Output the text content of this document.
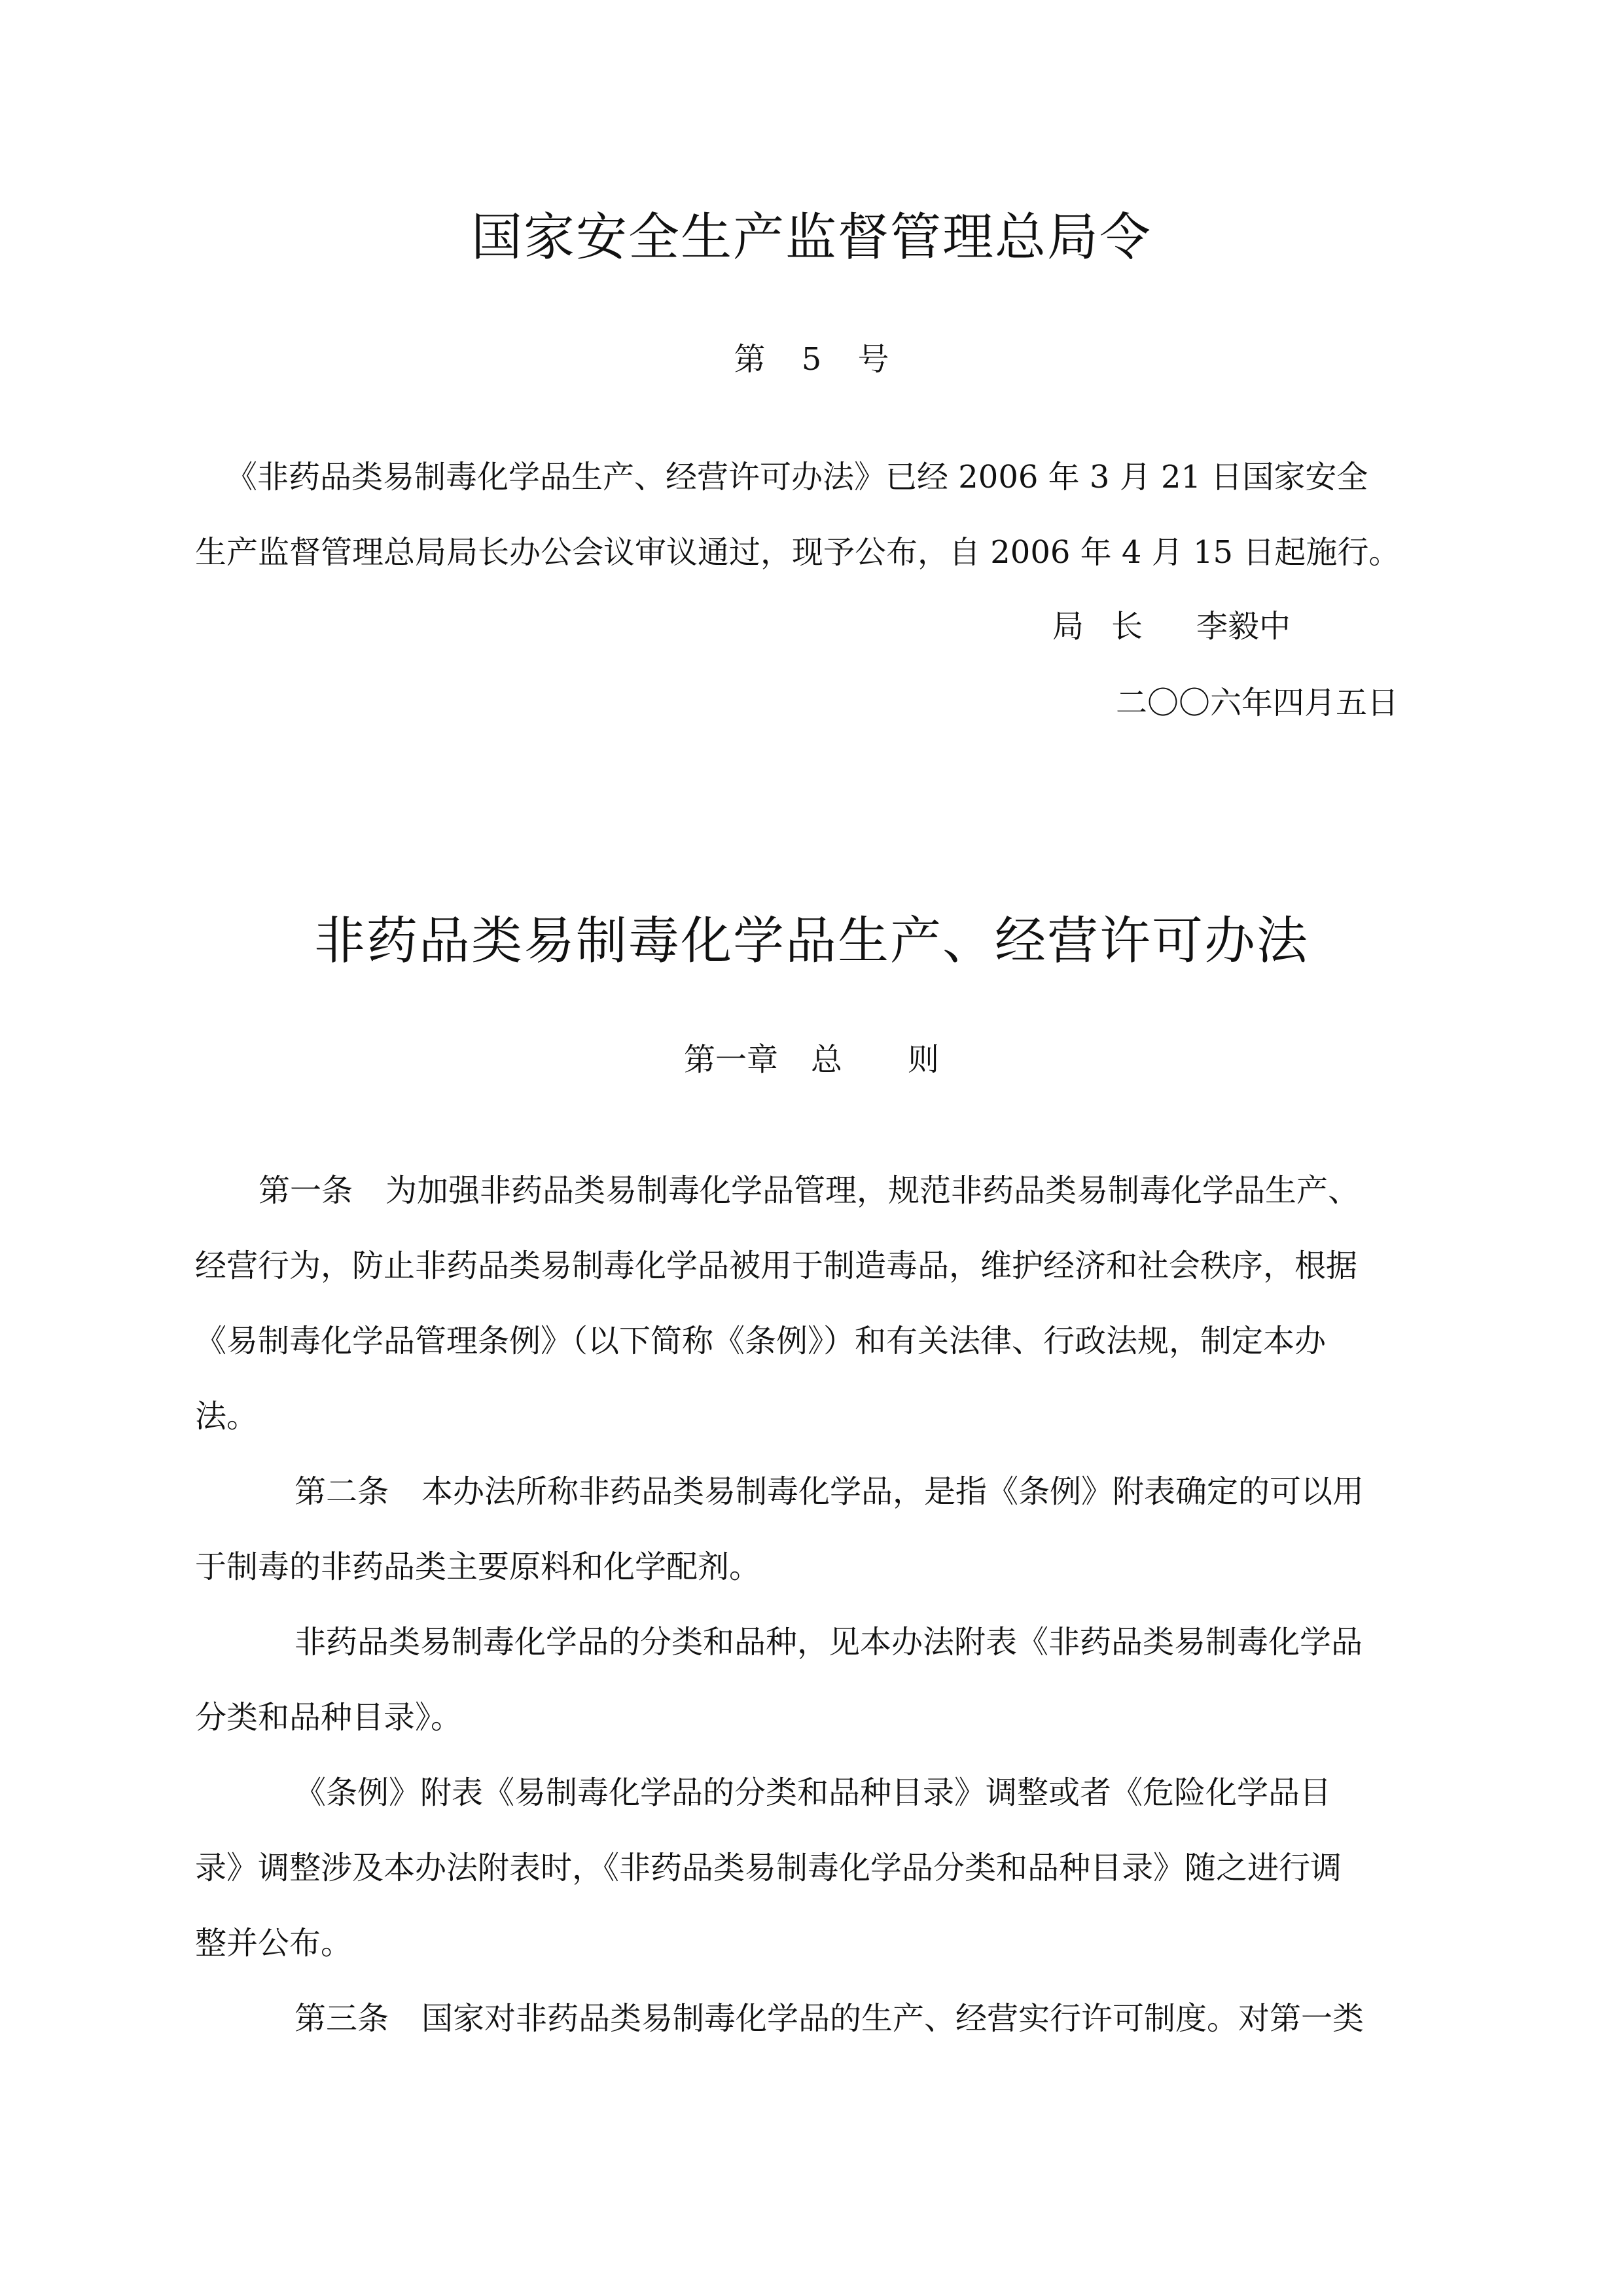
国家安全生产监督管理总局令
第 5 号
《非药品类易制毒化学品生产、经营许可办法》已经 2006 年 3 月 21 日国家安全
生产监督管理总局局长办公会议审议通过，现予公布，自 2006 年 4 月 15 日起施行。
局长 李毅中
二〇〇六年四月五日
非药品类易制毒化学品生产、经营许可办法
第一章 总 则
第一条 为加强非药品类易制毒化学品管理，规范非药品类易制毒化学品生产、
经营行为，防止非药品类易制毒化学品被用于制造毒品，维护经济和社会秩序，根据
《易制毒化学品管理条例》（以下简称《条例》）和有关法律、行政法规，制定本办
法。
第二条 本办法所称非药品类易制毒化学品，是指《条例》附表确定的可以用
于制毒的非药品类主要原料和化学配剂。
非药品类易制毒化学品的分类和品种，见本办法附表《非药品类易制毒化学品
分类和品种目录》。
《条例》附表《易制毒化学品的分类和品种目录》调整或者《危险化学品目
录》调整涉及本办法附表时，《非药品类易制毒化学品分类和品种目录》随之进行调
整并公布。
第三条 国家对非药品类易制毒化学品的生产、经营实行许可制度。对第一类
